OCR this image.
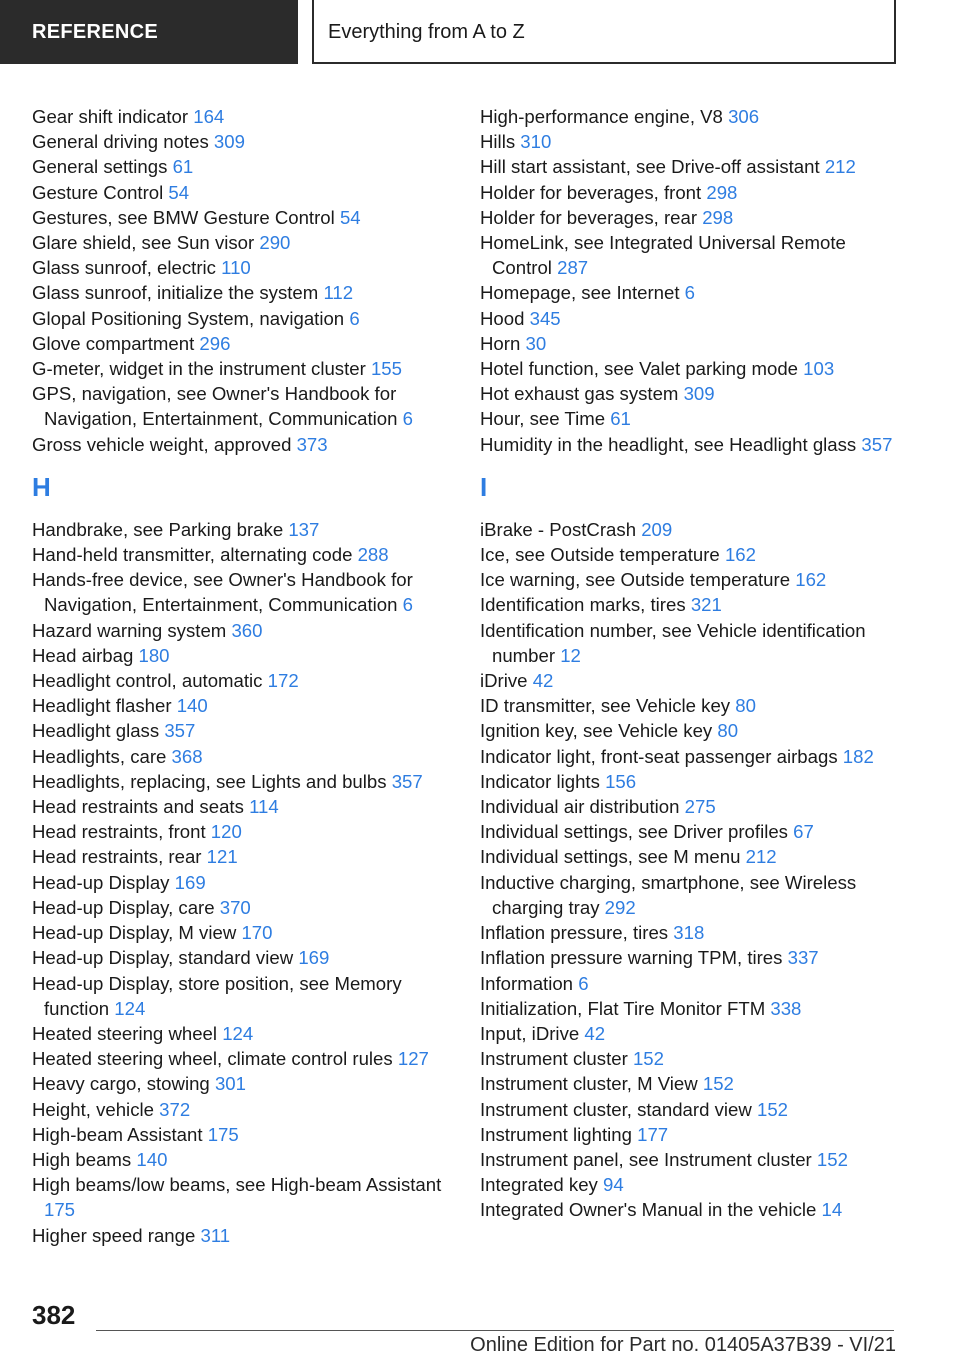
REFERENCE	Everything from A to Z

Gear shift indicator 164

General driving notes 309

General settings 61

Gesture Control 54

Gestures, see BMW Gesture Control 54

Glare shield, see Sun visor 290

Glass sunroof, electric 110

Glass sunroof, initialize the system 112

Glopal Positioning System, navigation 6

Glove compartment 296

G-meter, widget in the instrument cluster 155

GPS, navigation, see Owner's Handbook for Navigation, Entertainment, Communication 6

Gross vehicle weight, approved 373

H

Handbrake, see Parking brake 137

Hand-held transmitter, alternating code 288

Hands-free device, see Owner's Handbook for Navigation, Entertainment, Communication 6

Hazard warning system 360

Head airbag 180

Headlight control, automatic 172

Headlight flasher 140

Headlight glass 357

Headlights, care 368

Headlights, replacing, see Lights and bulbs 357

Head restraints and seats 114

Head restraints, front 120

Head restraints, rear 121

Head-up Display 169

Head-up Display, care 370

Head-up Display, M view 170

Head-up Display, standard view 169

Head-up Display, store position, see Memory function 124

Heated steering wheel 124

Heated steering wheel, climate control rules 127

Heavy cargo, stowing 301

Height, vehicle 372

High-beam Assistant 175

High beams 140

High beams/low beams, see High-beam Assistant 175

Higher speed range 311

High-performance engine, V8 306

Hills 310

Hill start assistant, see Drive-off assistant 212

Holder for beverages, front 298

Holder for beverages, rear 298

HomeLink, see Integrated Universal Remote Control 287

Homepage, see Internet 6

Hood 345

Horn 30

Hotel function, see Valet parking mode 103

Hot exhaust gas system 309

Hour, see Time 61

Humidity in the headlight, see Headlight glass 357

I

iBrake - PostCrash 209

Ice, see Outside temperature 162

Ice warning, see Outside temperature 162

Identification marks, tires 321

Identification number, see Vehicle identification number 12

iDrive 42

ID transmitter, see Vehicle key 80

Ignition key, see Vehicle key 80

Indicator light, front-seat passenger airbags 182

Indicator lights 156

Individual air distribution 275

Individual settings, see Driver profiles 67

Individual settings, see M menu 212

Inductive charging, smartphone, see Wireless charging tray 292

Inflation pressure, tires 318

Inflation pressure warning TPM, tires 337

Information 6

Initialization, Flat Tire Monitor FTM 338

Input, iDrive 42

Instrument cluster 152

Instrument cluster, M View 152

Instrument cluster, standard view 152

Instrument lighting 177

Instrument panel, see Instrument cluster 152

Integrated key 94

Integrated Owner's Manual in the vehicle 14

382
Online Edition for Part no. 01405A37B39 - VI/21
